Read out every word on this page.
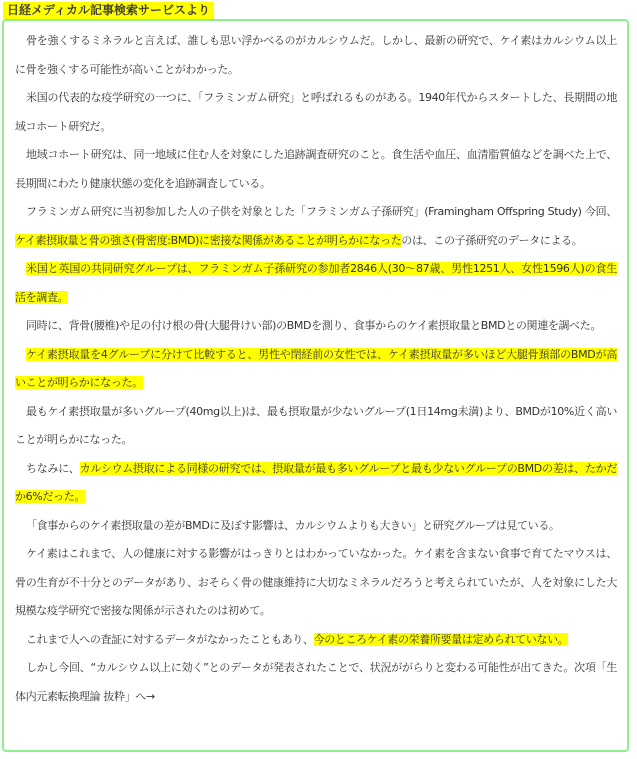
日経メディカル記事検索サービスより

骨を強くするミネラルと言えば、誰しも思い浮かべるのがカルシウムだ。しかし、最新の研究で、ケイ素はカルシウム以上に骨を強くする可能性が高いことがわかった。

米国の代表的な疫学研究の一つに、「フラミンガム研究」と呼ばれるものがある。1940年代からスタートした、長期間の地域コホート研究だ。

地域コホート研究は、同一地域に住む人を対象にした追跡調査研究のこと。食生活や血圧、血清脂質値などを調べた上で、長期間にわたり健康状態の変化を追跡調査している。

フラミンガム研究に当初参加した人の子供を対象とした「フラミンガム子孫研究」(Framingham Offspring Study) 今回、ケイ素摂取量と骨の強さ(骨密度:BMD)に密接な関係があることが明らかになったのは、この子孫研究のデータによる。

米国と英国の共同研究グループは、フラミンガム子孫研究の参加者2846人(30～87歳、男性1251人、女性1596人)の食生活を調査。

同時に、背骨(腰椎)や足の付け根の骨(大腿骨けい部)のBMDを測り、食事からのケイ素摂取量とBMDとの関連を調べた。

ケイ素摂取量を4グループに分けて比較すると、男性や閉経前の女性では、ケイ素摂取量が多いほど大腿骨頚部のBMDが高いことが明らかになった。

最もケイ素摂取量が多いグループ(40mg以上)は、最も摂取量が少ないグループ(1日14mg未満)より、BMDが10%近く高いことが明らかになった。

ちなみに、カルシウム摂取による同様の研究では、摂取量が最も多いグループと最も少ないグループのBMDの差は、たかだか6%だった。

「食事からのケイ素摂取量の差がBMDに及ぼす影響は、カルシウムよりも大きい」と研究グループは見ている。

ケイ素はこれまで、人の健康に対する影響がはっきりとはわかっていなかった。ケイ素を含まない食事で育てたマウスは、骨の生育が不十分とのデータがあり、おそらく骨の健康維持に大切なミネラルだろうと考えられていたが、人を対象にした大規模な疫学研究で密接な関係が示されたのは初めて。

これまで人への査証に対するデータがなかったこともあり、今のところケイ素の栄養所要量は定められていない。

しかし今回、“カルシウム以上に効く”とのデータが発表されたことで、状況ががらりと変わる可能性が出てきた。次項「生体内元素転換理論 抜粋」へ→
